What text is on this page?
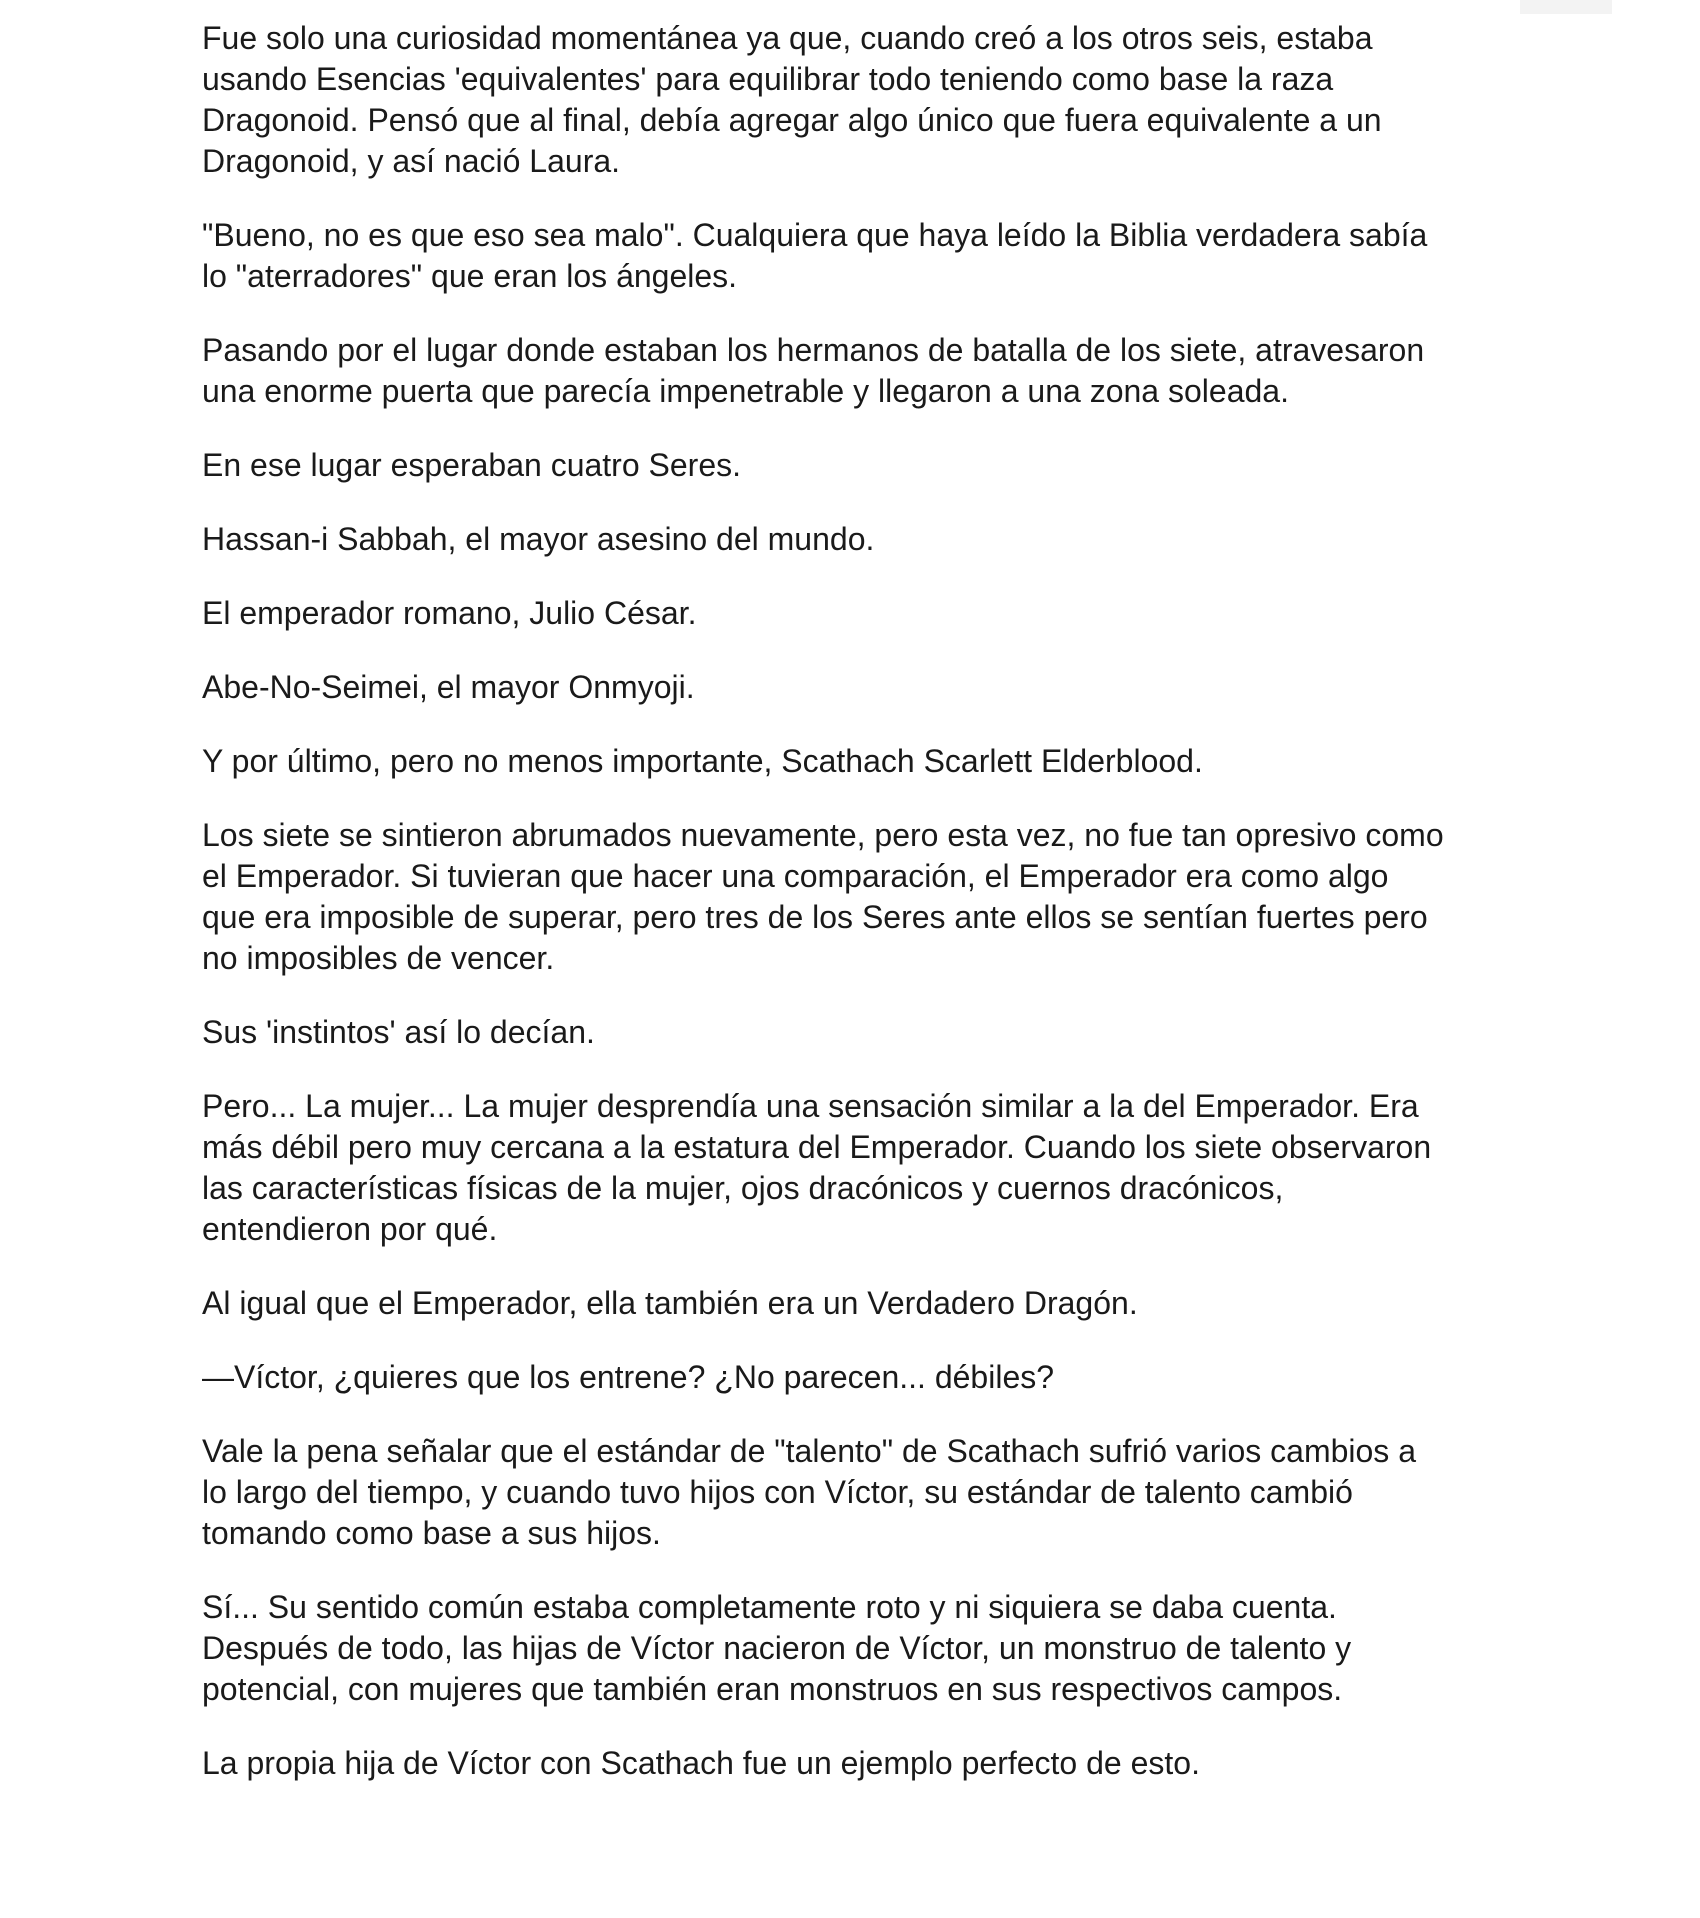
Fue solo una curiosidad momentánea ya que, cuando creó a los otros seis, estaba
usando Esencias 'equivalentes' para equilibrar todo teniendo como base la raza
Dragonoid. Pensó que al final, debía agregar algo único que fuera equivalente a un
Dragonoid, y así nació Laura.

"Bueno, no es que eso sea malo". Cualquiera que haya leído la Biblia verdadera sabía
lo "aterradores" que eran los ángeles.

Pasando por el lugar donde estaban los hermanos de batalla de los siete, atravesaron
una enorme puerta que parecía impenetrable y llegaron a una zona soleada.

En ese lugar esperaban cuatro Seres.

Hassan-i Sabbah, el mayor asesino del mundo.

El emperador romano, Julio César.

Abe-No-Seimei, el mayor Onmyoji.

Y por último, pero no menos importante, Scathach Scarlett Elderblood.

Los siete se sintieron abrumados nuevamente, pero esta vez, no fue tan opresivo como
el Emperador. Si tuvieran que hacer una comparación, el Emperador era como algo
que era imposible de superar, pero tres de los Seres ante ellos se sentían fuertes pero
no imposibles de vencer.

Sus 'instintos' así lo decían.

Pero... La mujer... La mujer desprendía una sensación similar a la del Emperador. Era
más débil pero muy cercana a la estatura del Emperador. Cuando los siete observaron
las características físicas de la mujer, ojos dracónicos y cuernos dracónicos,
entendieron por qué.

Al igual que el Emperador, ella también era un Verdadero Dragón.

—Víctor, ¿quieres que los entrene? ¿No parecen... débiles?

Vale la pena señalar que el estándar de "talento" de Scathach sufrió varios cambios a
lo largo del tiempo, y cuando tuvo hijos con Víctor, su estándar de talento cambió
tomando como base a sus hijos.

Sí... Su sentido común estaba completamente roto y ni siquiera se daba cuenta.
Después de todo, las hijas de Víctor nacieron de Víctor, un monstruo de talento y
potencial, con mujeres que también eran monstruos en sus respectivos campos.

La propia hija de Víctor con Scathach fue un ejemplo perfecto de esto.
